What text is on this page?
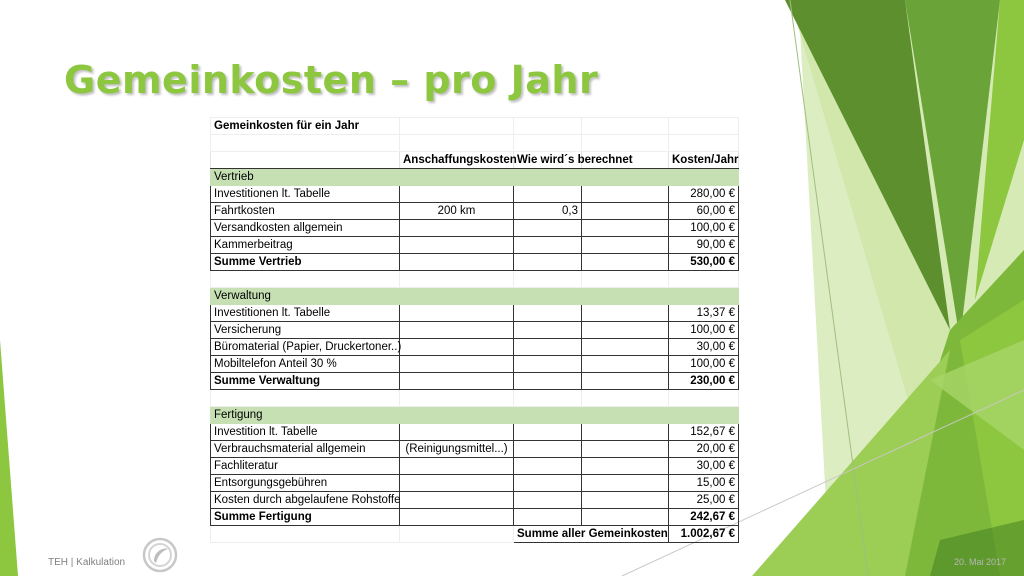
Gemeinkosten – pro Jahr
Gemeinkosten für ein Jahr				

	Anschaffungskosten	Wie wird´s berechnet		Kosten/Jahr
Vertrieb				
Investitionen lt. Tabelle				280,00 €
Fahrtkosten	200 km	0,3		60,00 €
Versandkosten allgemein				100,00 €
Kammerbeitrag				90,00 €
Summe Vertrieb				530,00 €

Verwaltung				
Investitionen lt. Tabelle				13,37 €
Versicherung				100,00 €
Büromaterial (Papier, Druckertoner..)				30,00 €
Mobiltelefon Anteil 30 %				100,00 €
Summe Verwaltung				230,00 €

Fertigung				
Investition lt. Tabelle				152,67 €
Verbrauchsmaterial allgemein	(Reinigungsmittel...)			20,00 €
Fachliteratur				30,00 €
Entsorgungsgebühren				15,00 €
Kosten durch abgelaufene Rohstoffe				25,00 €
Summe Fertigung				242,67 €
		Summe aller Gemeinkosten		1.002,67 €
TEH | Kalkulation	20. Mai 2017
